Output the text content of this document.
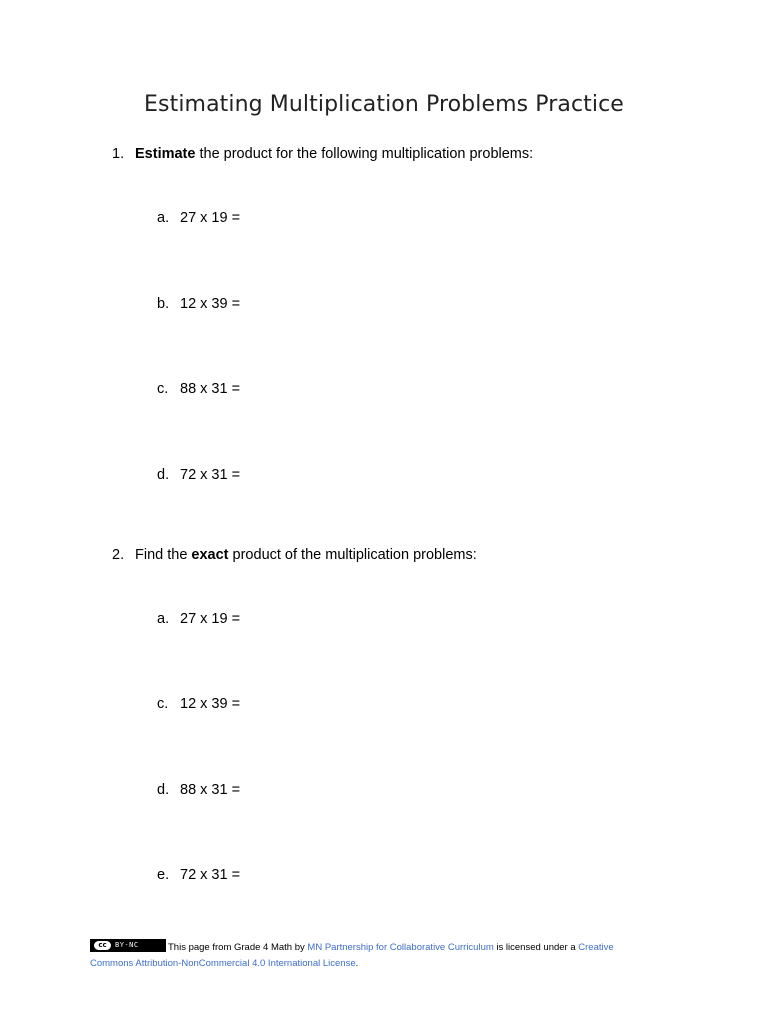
Estimating Multiplication Problems Practice
1. Estimate the product for the following multiplication problems:
a. 27 x 19 =
b. 12 x 39 =
c. 88 x 31 =
d. 72 x 31 =
2. Find the exact product of the multiplication problems:
a. 27 x 19 =
c. 12 x 39 =
d. 88 x 31 =
e. 72 x 31 =
cc	BY-NC	This page from Grade 4 Math by MN Partnership for Collaborative Curriculum is licensed under a Creative Commons Attribution-NonCommercial 4.0 International License.
